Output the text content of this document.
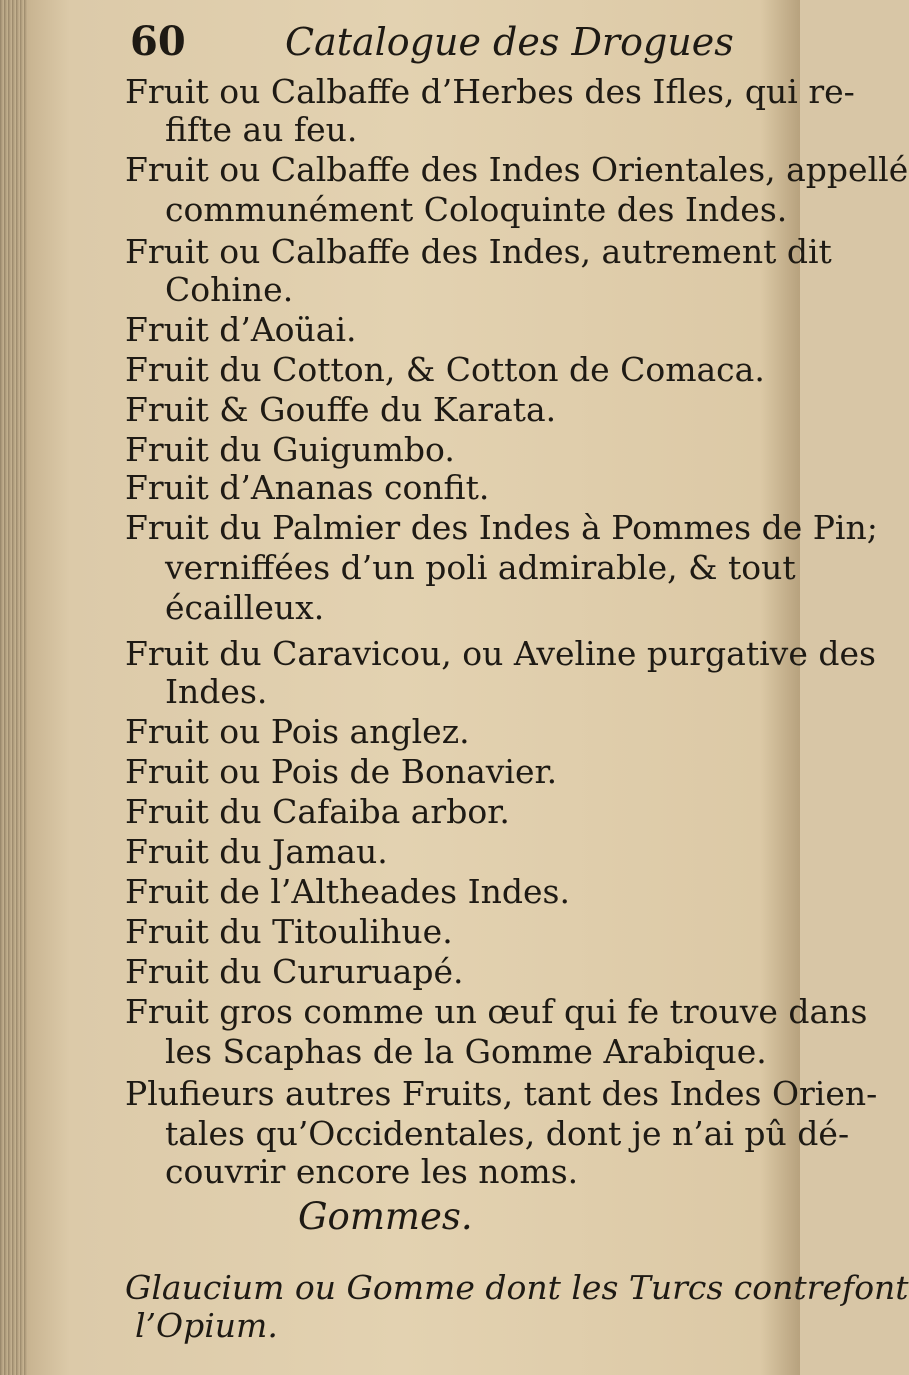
60	Catalogue des Drogues
Fruit ou Calbaffe d’Herbes des Ifles, qui re-
fifte au feu.
Fruit ou Calbaffe des Indes Orientales, appellé
communément Coloquinte des Indes.
Fruit ou Calbaffe des Indes, autrement dit
Cohine.
Fruit d’Aoüai.
Fruit du Cotton, & Cotton de Comaca.
Fruit & Gouffe du Karata.
Fruit du Guigumbo.
Fruit d’Ananas confit.
Fruit du Palmier des Indes à Pommes de Pin;
verniffées d’un poli admirable, & tout
écailleux.
Fruit du Caravicou, ou Aveline purgative des
Indes.
Fruit ou Pois anglez.
Fruit ou Pois de Bonavier.
Fruit du Cafaiba arbor.
Fruit du Jamau.
Fruit de l’Altheades Indes.
Fruit du Titoulihue.
Fruit du Cururuapé.
Fruit gros comme un œuf qui fe trouve dans
les Scaphas de la Gomme Arabique.
Plufieurs autres Fruits, tant des Indes Orien-
tales qu’Occidentales, dont je n’ai pû dé-
couvrir encore les noms.
Gommes.
Glaucium ou Gomme dont les Turcs contrefont
l’Opium.
